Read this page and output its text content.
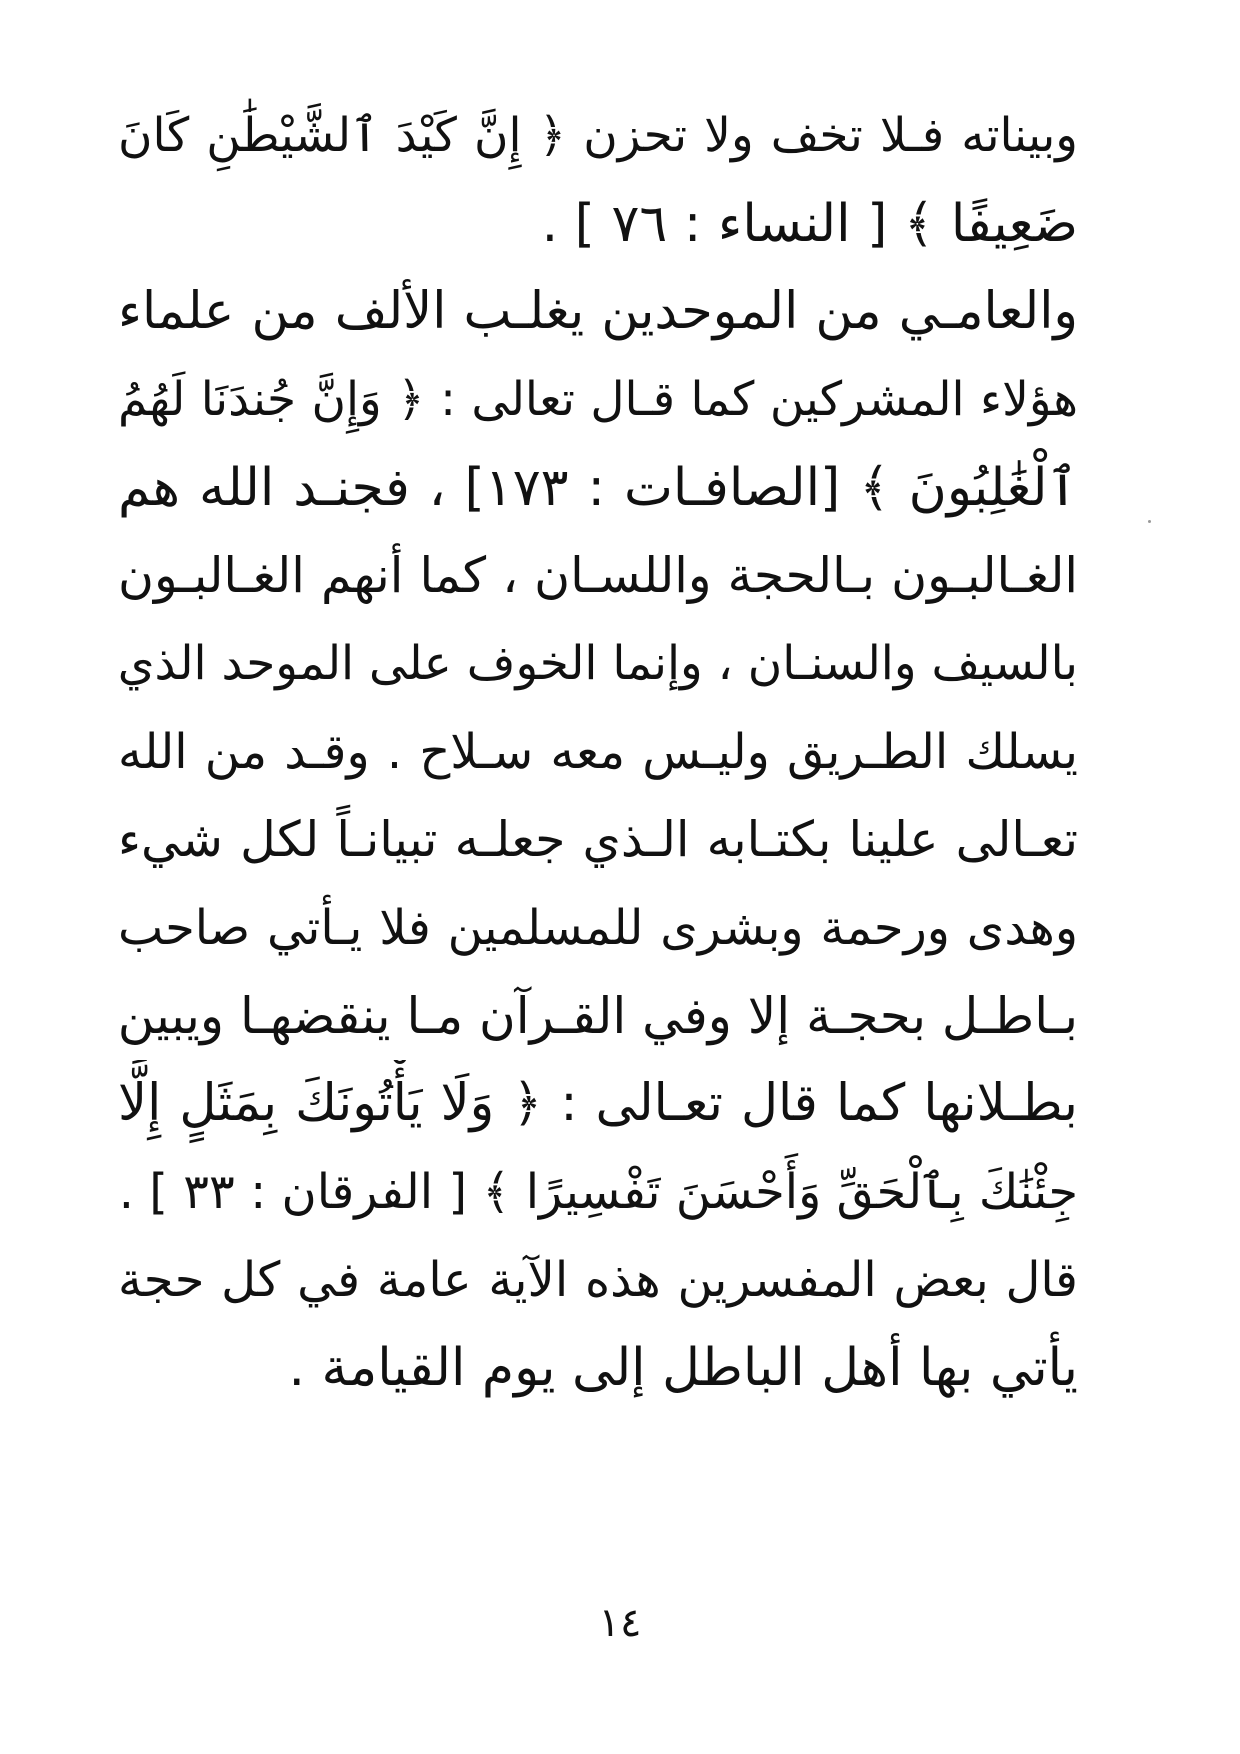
وبيناته فـلا تخف ولا تحزن ﴿ إِنَّ كَيْدَ ٱلشَّيْطَٰنِ كَانَ
ضَعِيفًا ﴾ [ النساء : ٧٦ ] .
والعامـي من الموحدين يغلـب الألف من علماء
هؤلاء المشركين كما قـال تعالى : ﴿ وَإِنَّ جُندَنَا لَهُمُ
ٱلْغَٰلِبُونَ ﴾ [الصافـات : ١٧٣] ، فجنـد الله هم
الغـالبـون بـالحجة واللسـان ، كما أنهم الغـالبـون
بالسيف والسنـان ، وإنما الخوف على الموحد الذي
يسلك الطـريق وليـس معه سـلاح . وقـد من الله
تعـالى علينا بكتـابه الـذي جعلـه تبيانـاً لكل شيء
وهدى ورحمة وبشرى للمسلمين فلا يـأتي صاحب
بـاطـل بحجـة إلا وفي القـرآن مـا ينقضهـا ويبين
بطـلانها كما قال تعـالى : ﴿ وَلَا يَأْتُونَكَ بِمَثَلٍ إِلَّا
جِئْنَٰكَ بِٱلْحَقِّ وَأَحْسَنَ تَفْسِيرًا ﴾ [ الفرقان : ٣٣ ] .
قال بعض المفسرين هذه الآية عامة في كل حجة
يأتي بها أهل الباطل إلى يوم القيامة .
١٤
